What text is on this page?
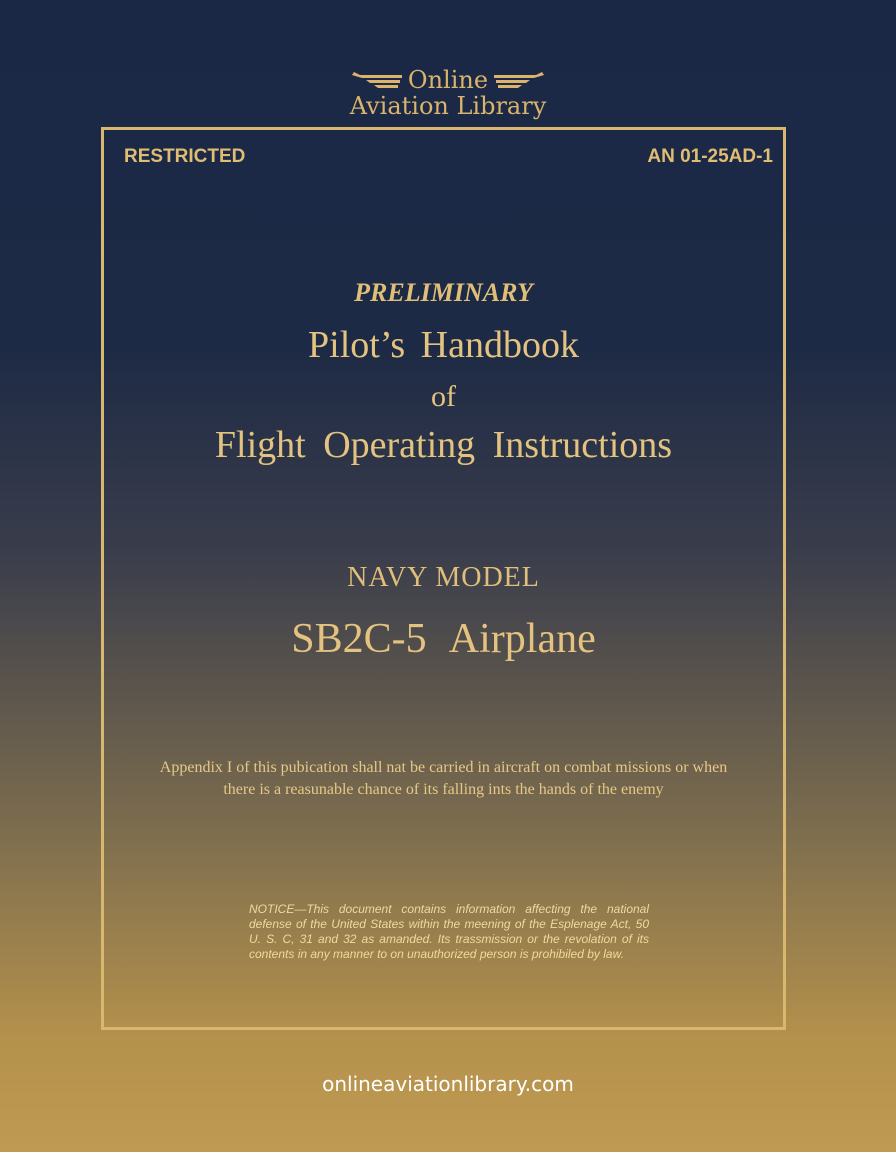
Online
Aviation Library
RESTRICTED	AN 01-25AD-1
PRELIMINARY
Pilot’s Handbook
of
Flight Operating Instructions
NAVY MODEL
SB2C-5 Airplane
Appendix I of this pubication shall nat be carried in aircraft on combat missions or when
there is a reasunable chance of its falling ints the hands of the enemy
NOTICE—This document contains information affecting the national defense of the United States within the meening of the Esplenage Act, 50 U. S. C, 31 and 32 as amanded. Its trassmission or the revolation of its contents in any manner to on unauthorized person is prohibiled by law.
onlineaviationlibrary.com
